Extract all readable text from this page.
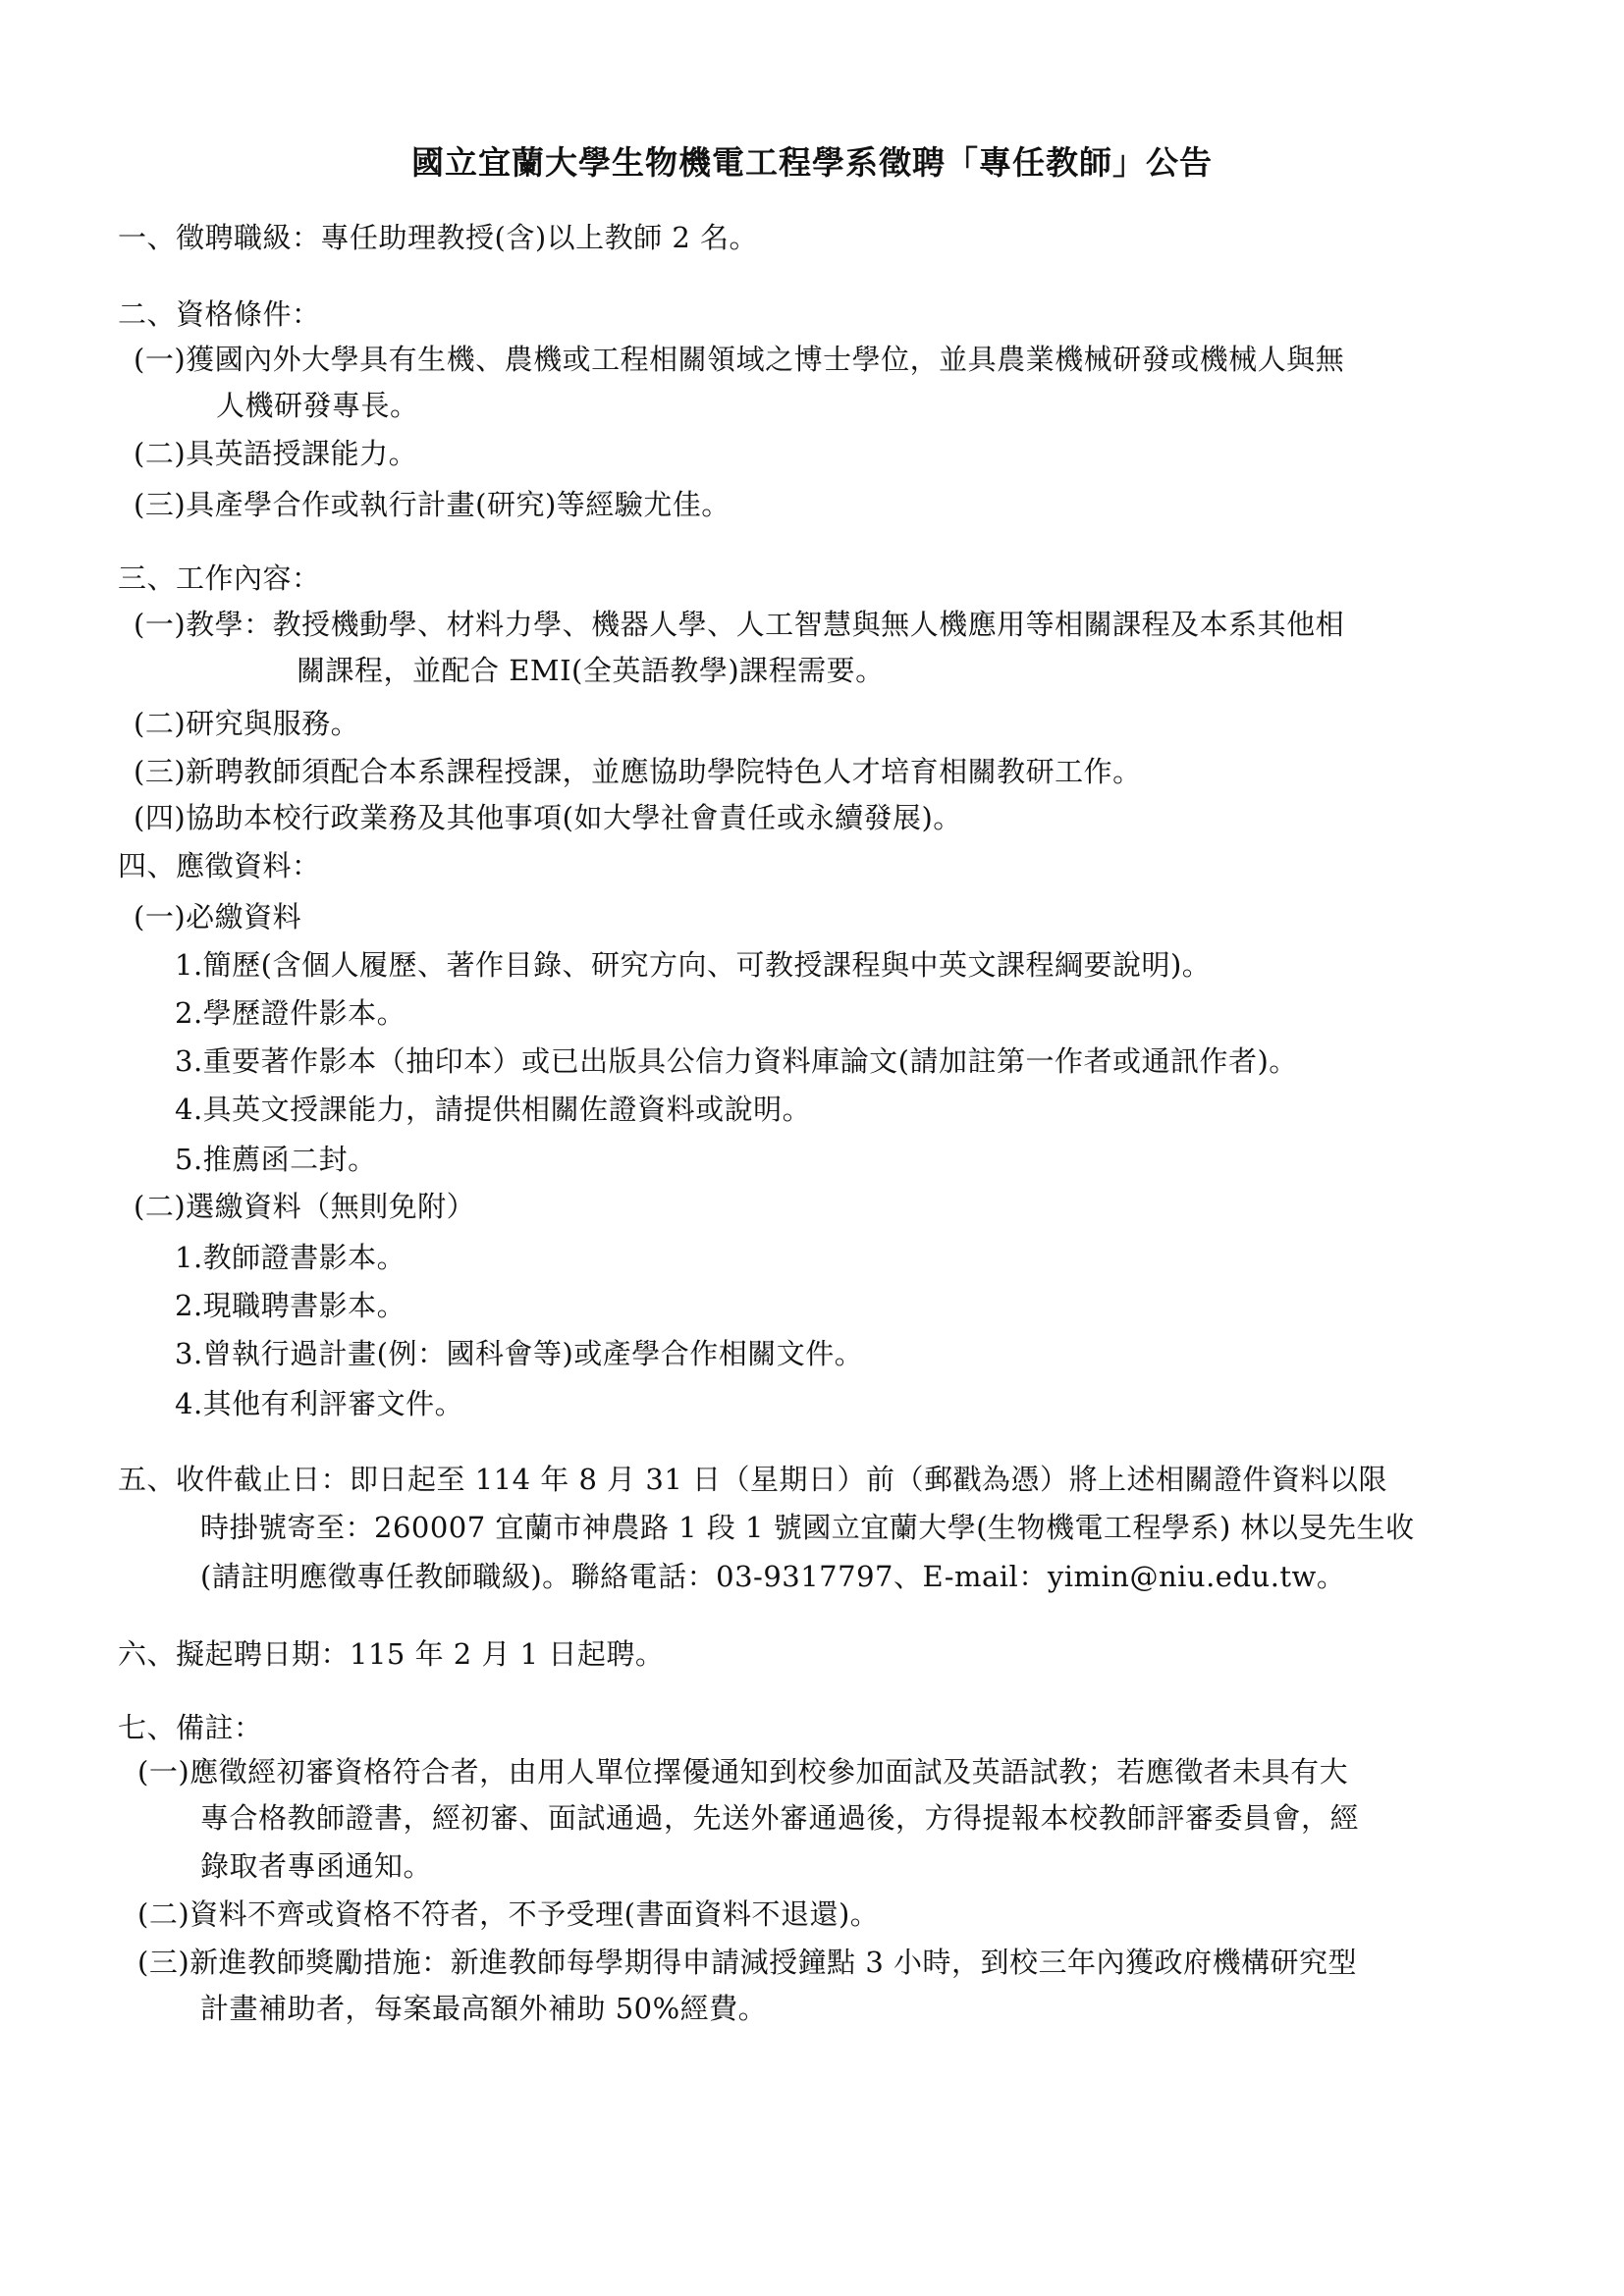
國立宜蘭大學生物機電工程學系徵聘「專任教師」公告
一、徵聘職級：專任助理教授(含)以上教師 2 名。
二、資格條件：
(一)獲國內外大學具有生機、農機或工程相關領域之博士學位，並具農業機械研發或機械人與無
人機研發專長。
(二)具英語授課能力。
(三)具產學合作或執行計畫(研究)等經驗尤佳。
三、工作內容：
(一)教學：教授機動學、材料力學、機器人學、人工智慧與無人機應用等相關課程及本系其他相
關課程，並配合 EMI(全英語教學)課程需要。
(二)研究與服務。
(三)新聘教師須配合本系課程授課，並應協助學院特色人才培育相關教研工作。
(四)協助本校行政業務及其他事項(如大學社會責任或永續發展)。
四、應徵資料：
(一)必繳資料
1.簡歷(含個人履歷、著作目錄、研究方向、可教授課程與中英文課程綱要說明)。
2.學歷證件影本。
3.重要著作影本（抽印本）或已出版具公信力資料庫論文(請加註第一作者或通訊作者)。
4.具英文授課能力，請提供相關佐證資料或說明。
5.推薦函二封。
(二)選繳資料（無則免附）
1.教師證書影本。
2.現職聘書影本。
3.曾執行過計畫(例：國科會等)或產學合作相關文件。
4.其他有利評審文件。
五、收件截止日：即日起至 114 年 8 月 31 日（星期日）前（郵戳為憑）將上述相關證件資料以限
時掛號寄至：260007 宜蘭市神農路 1 段 1 號國立宜蘭大學(生物機電工程學系) 林以旻先生收
(請註明應徵專任教師職級)。聯絡電話：03-9317797、E-mail：yimin@niu.edu.tw。
六、擬起聘日期：115 年 2 月 1 日起聘。
七、備註：
(一)應徵經初審資格符合者，由用人單位擇優通知到校參加面試及英語試教；若應徵者未具有大
專合格教師證書，經初審、面試通過，先送外審通過後，方得提報本校教師評審委員會，經
錄取者專函通知。
(二)資料不齊或資格不符者，不予受理(書面資料不退還)。
(三)新進教師獎勵措施：新進教師每學期得申請減授鐘點 3 小時，到校三年內獲政府機構研究型
計畫補助者，每案最高額外補助 50%經費。
